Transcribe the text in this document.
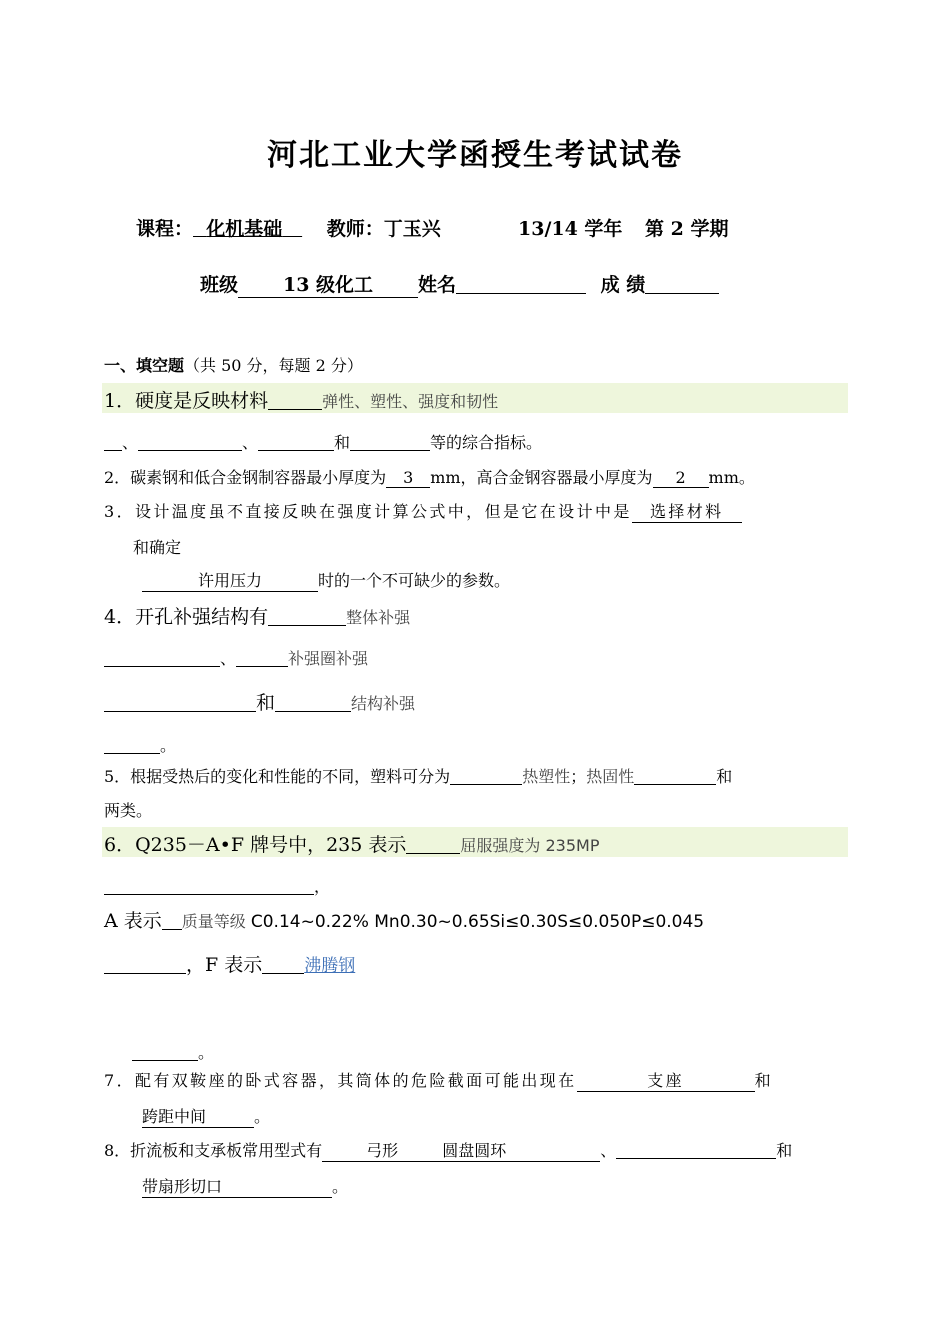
河北工业大学函授生考试试卷
课程： 化机基础 教师：丁玉兴	13/14 学年 第 2 学期
班级 13 级化工 姓名	成 绩
一、填空题（共 50 分，每题 2 分）
1．硬度是反映材料	弹性、塑性、强度和韧性
、	、	和	等的综合指标。
2．碳素钢和低合金钢制容器最小厚度为 3 mm，高合金钢容器最小厚度为 2 mm。
3．设计温度虽不直接反映在强度计算公式中，但是它在设计中是 选择材料
和确定
许用压力	时的一个不可缺少的参数。
4．开孔补强结构有	整体补强
、	补强圈补强
和	结构补强
。
5．根据受热后的变化和性能的不同，塑料可分为	热塑性；热固性	和
两类。
6．Q235－A•F 牌号中，235 表示	屈服强度为 235MP
，
A 表示 质量等级 C0.14~0.22% Mn0.30~0.65Si≤0.30S≤0.050P≤0.045
，F 表示 沸腾钢
。
7．配有双鞍座的卧式容器，其筒体的危险截面可能出现在	支座	和
跨距中间	。
8．折流板和支承板常用型式有	弓形	圆盘圆环	、	和
带扇形切口	。
